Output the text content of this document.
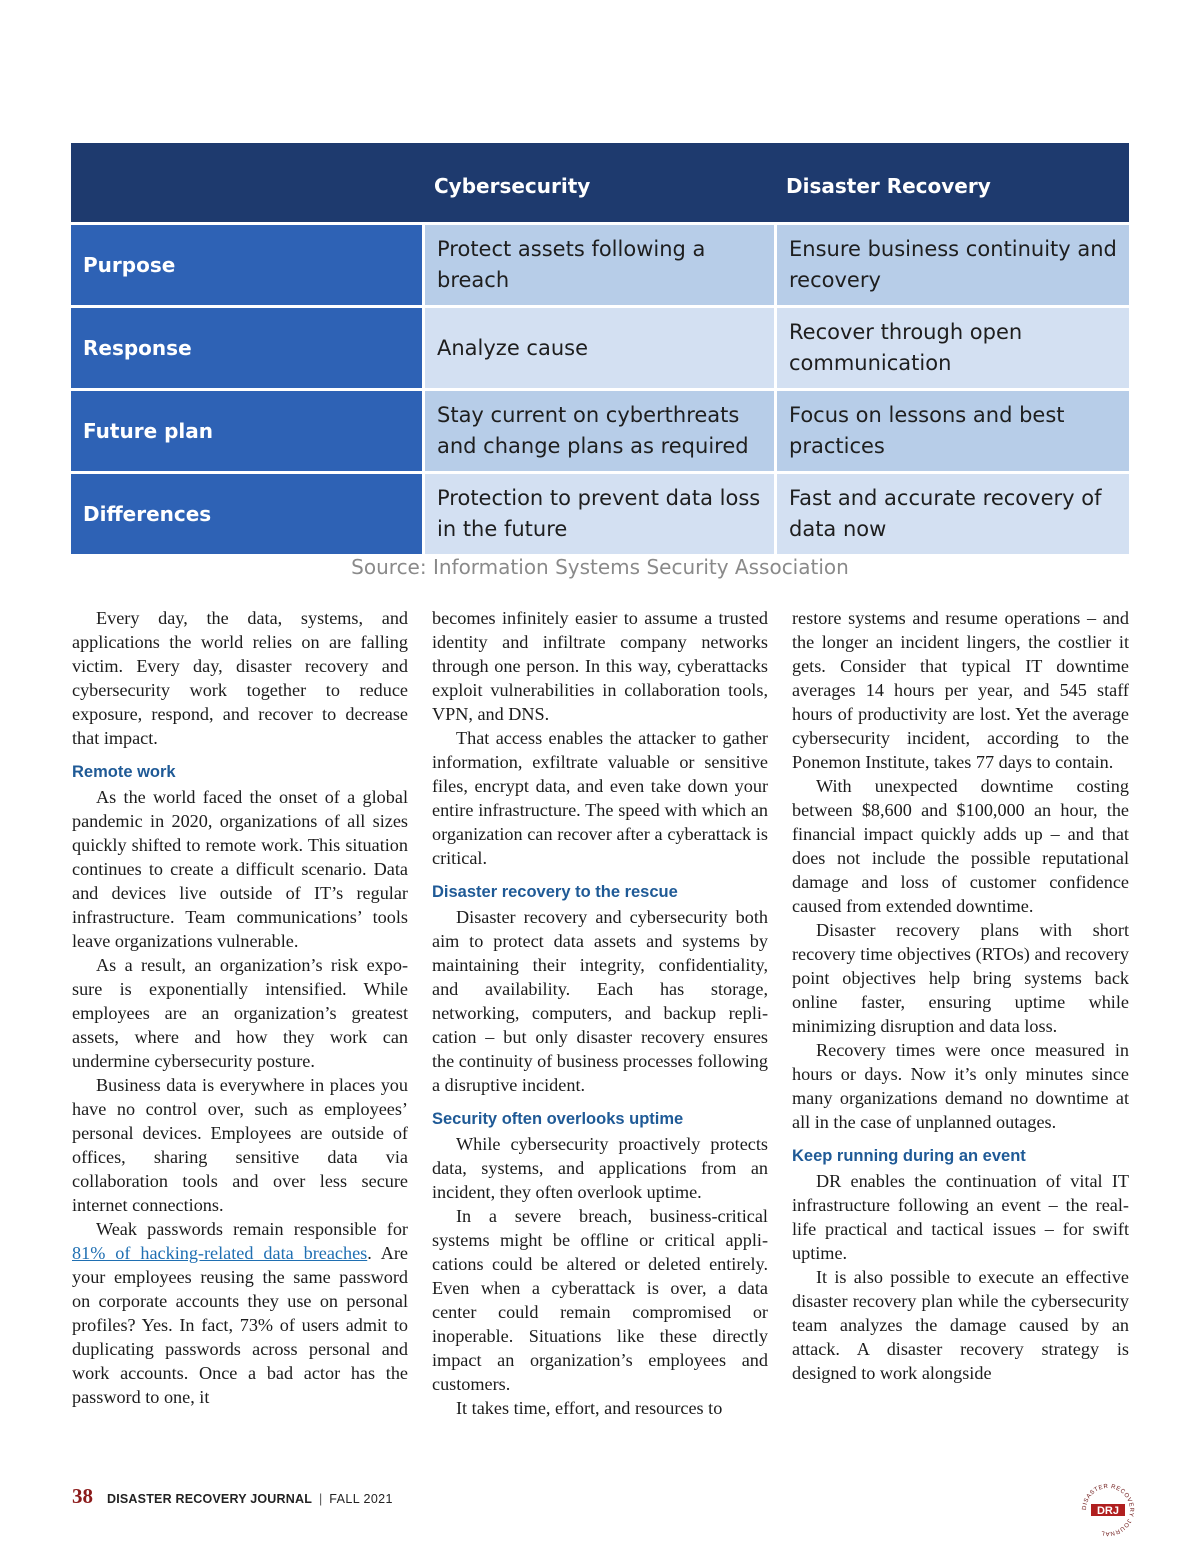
Cybersecurity	Disaster Recovery
Purpose
Protect assets following a breach
Ensure business continuity and recovery
Response	Analyze cause
Recover through open communication
Future plan
Stay current on cyberthreats and change plans as required
Focus on lessons and best practices
Differences
Protection to prevent data loss in the future
Fast and accurate recovery of data now
Source: Information Systems Security Association

Every day, the data, systems, and applications the world relies on are falling victim. Every day, disaster recovery and cybersecurity work together to reduce exposure, respond, and recover to decrease that impact.

Remote work

As the world faced the onset of a global pandemic in 2020, organizations of all sizes quickly shifted to remote work. This situation continues to create a difficult scenario. Data and devices live outside of IT’s regular infrastructure. Team communications’ tools leave organizations vulnerable.

As a result, an organization’s risk exposure is exponentially intensified. While employees are an organization’s greatest assets, where and how they work can undermine cybersecurity posture.

Business data is everywhere in places you have no control over, such as employees’ personal devices. Employees are outside of offices, sharing sensitive data via collaboration tools and over less secure internet connections.

Weak passwords remain responsible for 81% of hacking-related data breaches. Are your employees reusing the same password on corporate accounts they use on personal profiles? Yes. In fact, 73% of users admit to duplicating passwords across personal and work accounts. Once a bad actor has the password to one, it

becomes infinitely easier to assume a trusted identity and infiltrate company networks through one person. In this way, cyberattacks exploit vulnerabilities in collaboration tools, VPN, and DNS.

That access enables the attacker to gather information, exfiltrate valuable or sensitive files, encrypt data, and even take down your entire infrastructure. The speed with which an organization can recover after a cyberattack is critical.

Disaster recovery to the rescue

Disaster recovery and cybersecurity both aim to protect data assets and systems by maintaining their integrity, confidentiality, and availability. Each has storage, networking, computers, and backup replication – but only disaster recovery ensures the continuity of business processes following a disruptive incident.

Security often overlooks uptime

While cybersecurity proactively protects data, systems, and applications from an incident, they often overlook uptime.

In a severe breach, business-critical systems might be offline or critical applications could be altered or deleted entirely. Even when a cyberattack is over, a data center could remain compromised or inoperable. Situations like these directly impact an organization’s employees and customers.

It takes time, effort, and resources to

restore systems and resume operations – and the longer an incident lingers, the costlier it gets. Consider that typical IT downtime averages 14 hours per year, and 545 staff hours of productivity are lost. Yet the average cybersecurity incident, according to the Ponemon Institute, takes 77 days to contain.

With unexpected downtime costing between $8,600 and $100,000 an hour, the financial impact quickly adds up – and that does not include the possible reputational damage and loss of customer confidence caused from extended downtime.

Disaster recovery plans with short recovery time objectives (RTOs) and recovery point objectives help bring systems back online faster, ensuring uptime while minimizing disruption and data loss.

Recovery times were once measured in hours or days. Now it’s only minutes since many organizations demand no downtime at all in the case of unplanned outages.

Keep running during an event

DR enables the continuation of vital IT infrastructure following an event – the real-life practical and tactical issues – for swift uptime.

It is also possible to execute an effective disaster recovery plan while the cybersecurity team analyzes the damage caused by an attack. A disaster recovery strategy is designed to work alongside

38 DISASTER RECOVERY JOURNAL | FALL 2021
DISASTER RECOVERY JOURNAL
DRJ
